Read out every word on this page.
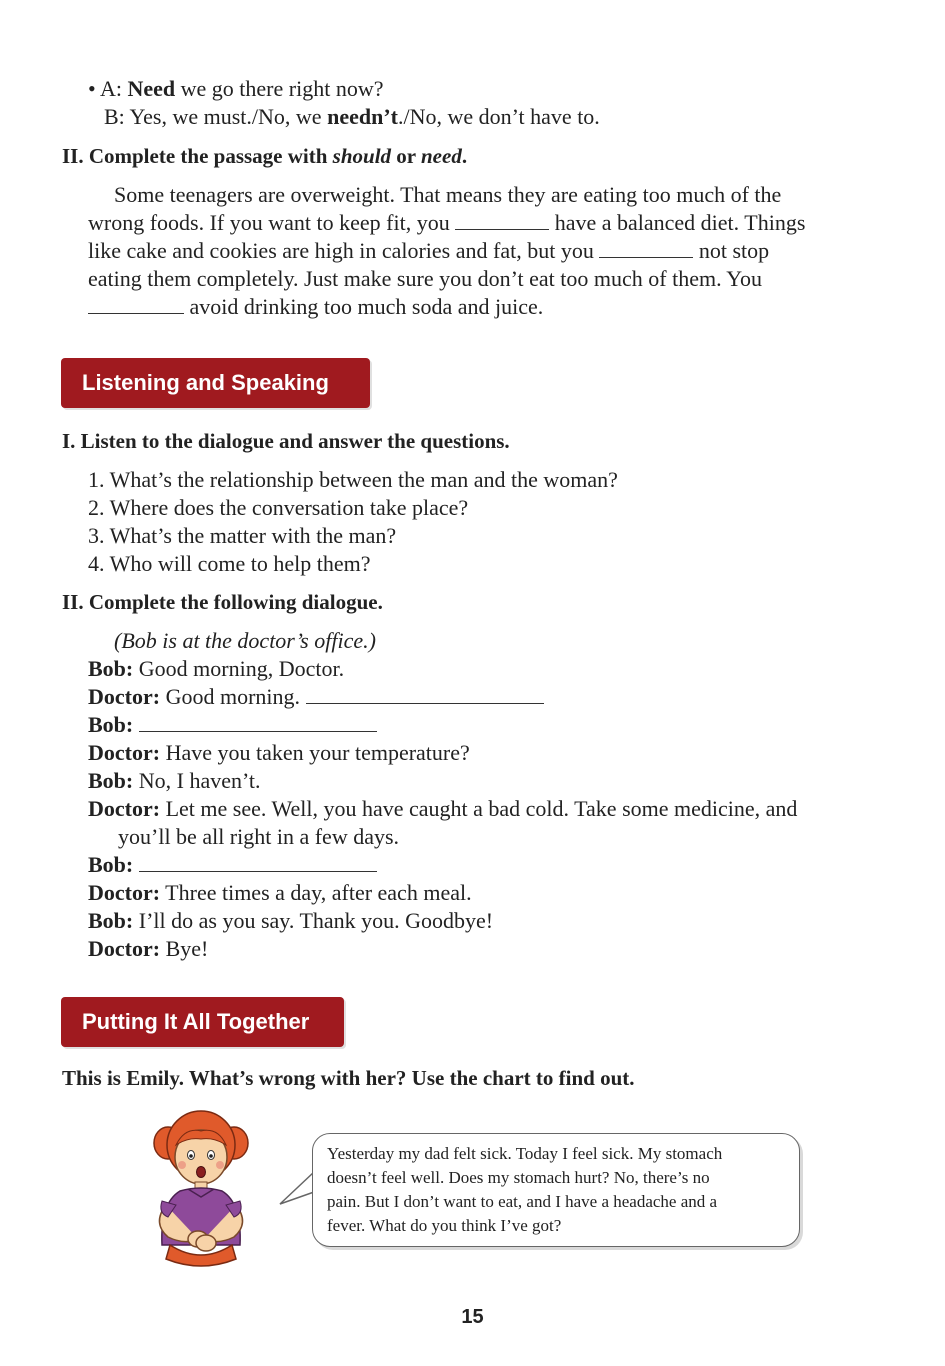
• A: Need we go there right now?
B: Yes, we must./No, we needn’t./No, we don’t have to.
II. Complete the passage with should or need.
Some teenagers are overweight. That means they are eating too much of the
wrong foods. If you want to keep fit, you	have a balanced diet. Things
like cake and cookies are high in calories and fat, but you	not stop
eating them completely. Just make sure you don’t eat too much of them. You
avoid drinking too much soda and juice.
Listening and Speaking
I. Listen to the dialogue and answer the questions.
1. What’s the relationship between the man and the woman?
2. Where does the conversation take place?
3. What’s the matter with the man?
4. Who will come to help them?
II. Complete the following dialogue.
(Bob is at the doctor’s office.)
Bob: Good morning, Doctor.
Doctor: Good morning.
Bob:
Doctor: Have you taken your temperature?
Bob: No, I haven’t.
Doctor: Let me see. Well, you have caught a bad cold. Take some medicine, and
you’ll be all right in a few days.
Bob:
Doctor: Three times a day, after each meal.
Bob: I’ll do as you say. Thank you. Goodbye!
Doctor: Bye!
Putting It All Together
This is Emily. What’s wrong with her? Use the chart to find out.
Yesterday my dad felt sick. Today I feel sick. My stomach
doesn’t feel well. Does my stomach hurt? No, there’s no
pain. But I don’t want to eat, and I have a headache and a
fever. What do you think I’ve got?
15
